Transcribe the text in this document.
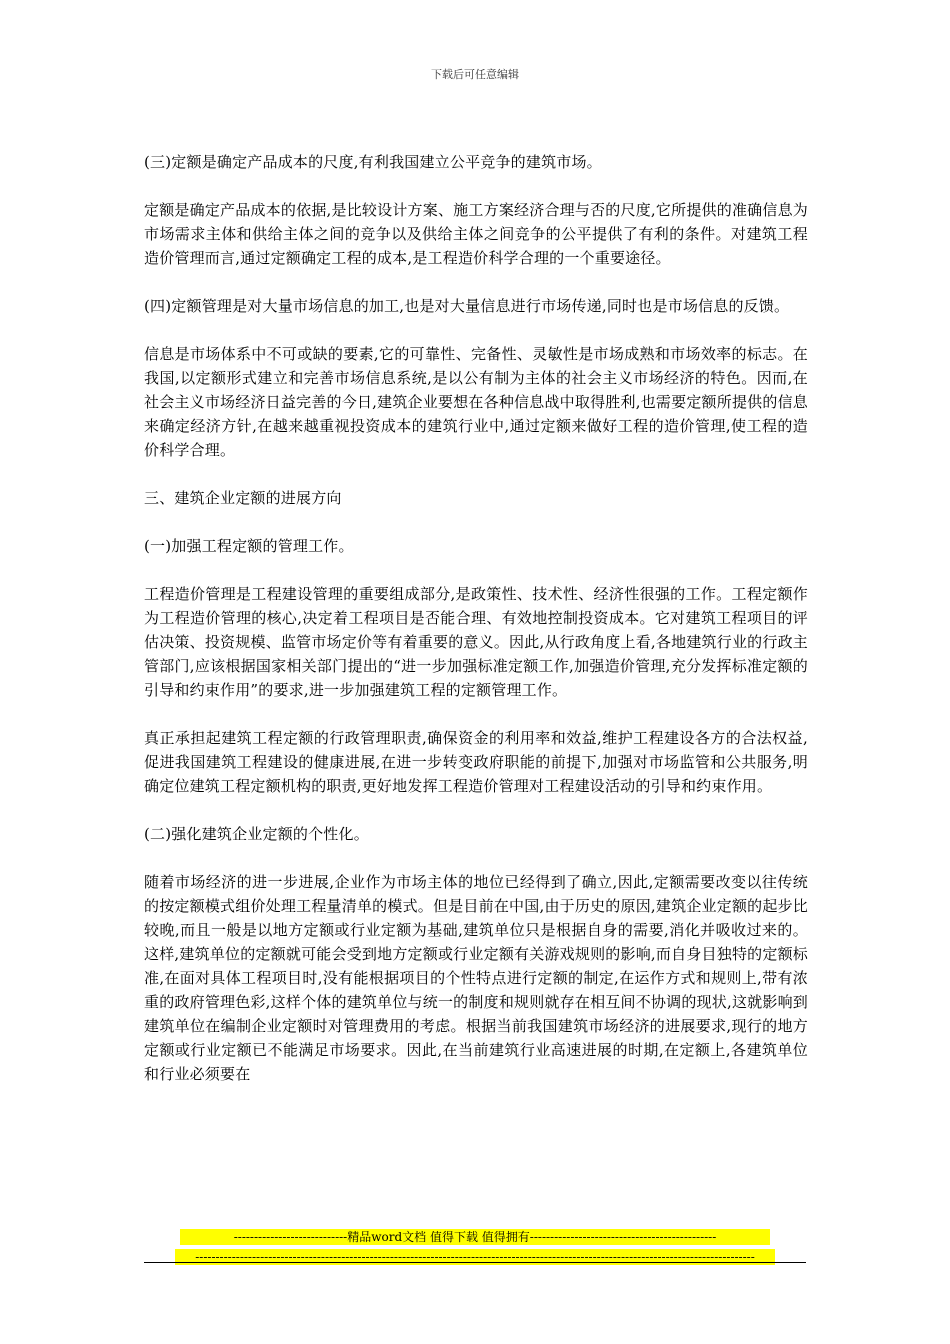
下载后可任意编辑

(三)定额是确定产品成本的尺度,有利我国建立公平竞争的建筑市场。

定额是确定产品成本的依据,是比较设计方案、施工方案经济合理与否的尺度,它所提供的准确信息为市场需求主体和供给主体之间的竞争以及供给主体之间竞争的公平提供了有利的条件。对建筑工程造价管理而言,通过定额确定工程的成本,是工程造价科学合理的一个重要途径。

(四)定额管理是对大量市场信息的加工,也是对大量信息进行市场传递,同时也是市场信息的反馈。

信息是市场体系中不可或缺的要素,它的可靠性、完备性、灵敏性是市场成熟和市场效率的标志。在我国,以定额形式建立和完善市场信息系统,是以公有制为主体的社会主义市场经济的特色。因而,在社会主义市场经济日益完善的今日,建筑企业要想在各种信息战中取得胜利,也需要定额所提供的信息来确定经济方针,在越来越重视投资成本的建筑行业中,通过定额来做好工程的造价管理,使工程的造价科学合理。

三、建筑企业定额的进展方向

(一)加强工程定额的管理工作。

工程造价管理是工程建设管理的重要组成部分,是政策性、技术性、经济性很强的工作。工程定额作为工程造价管理的核心,决定着工程项目是否能合理、有效地控制投资成本。它对建筑工程项目的评估决策、投资规模、监管市场定价等有着重要的意义。因此,从行政角度上看,各地建筑行业的行政主管部门,应该根据国家相关部门提出的“进一步加强标准定额工作,加强造价管理,充分发挥标准定额的引导和约束作用”的要求,进一步加强建筑工程的定额管理工作。

真正承担起建筑工程定额的行政管理职责,确保资金的利用率和效益,维护工程建设各方的合法权益,促进我国建筑工程建设的健康进展,在进一步转变政府职能的前提下,加强对市场监管和公共服务,明确定位建筑工程定额机构的职责,更好地发挥工程造价管理对工程建设活动的引导和约束作用。

(二)强化建筑企业定额的个性化。

随着市场经济的进一步进展,企业作为市场主体的地位已经得到了确立,因此,定额需要改变以往传统的按定额模式组价处理工程量清单的模式。但是目前在中国,由于历史的原因,建筑企业定额的起步比较晚,而且一般是以地方定额或行业定额为基础,建筑单位只是根据自身的需要,消化并吸收过来的。这样,建筑单位的定额就可能会受到地方定额或行业定额有关游戏规则的影响,而自身目独特的定额标准,在面对具体工程项目时,没有能根据项目的个性特点进行定额的制定,在运作方式和规则上,带有浓重的政府管理色彩,这样个体的建筑单位与统一的制度和规则就存在相互间不协调的现状,这就影响到建筑单位在编制企业定额时对管理费用的考虑。根据当前我国建筑市场经济的进展要求,现行的地方定额或行业定额已不能满足市场要求。因此,在当前建筑行业高速进展的时期,在定额上,各建筑单位和行业必须要在

----------------------------精品word文档 值得下载 值得拥有----------------------------------------------
------------------------------------------------------------------------------------------------------------------------------------------
